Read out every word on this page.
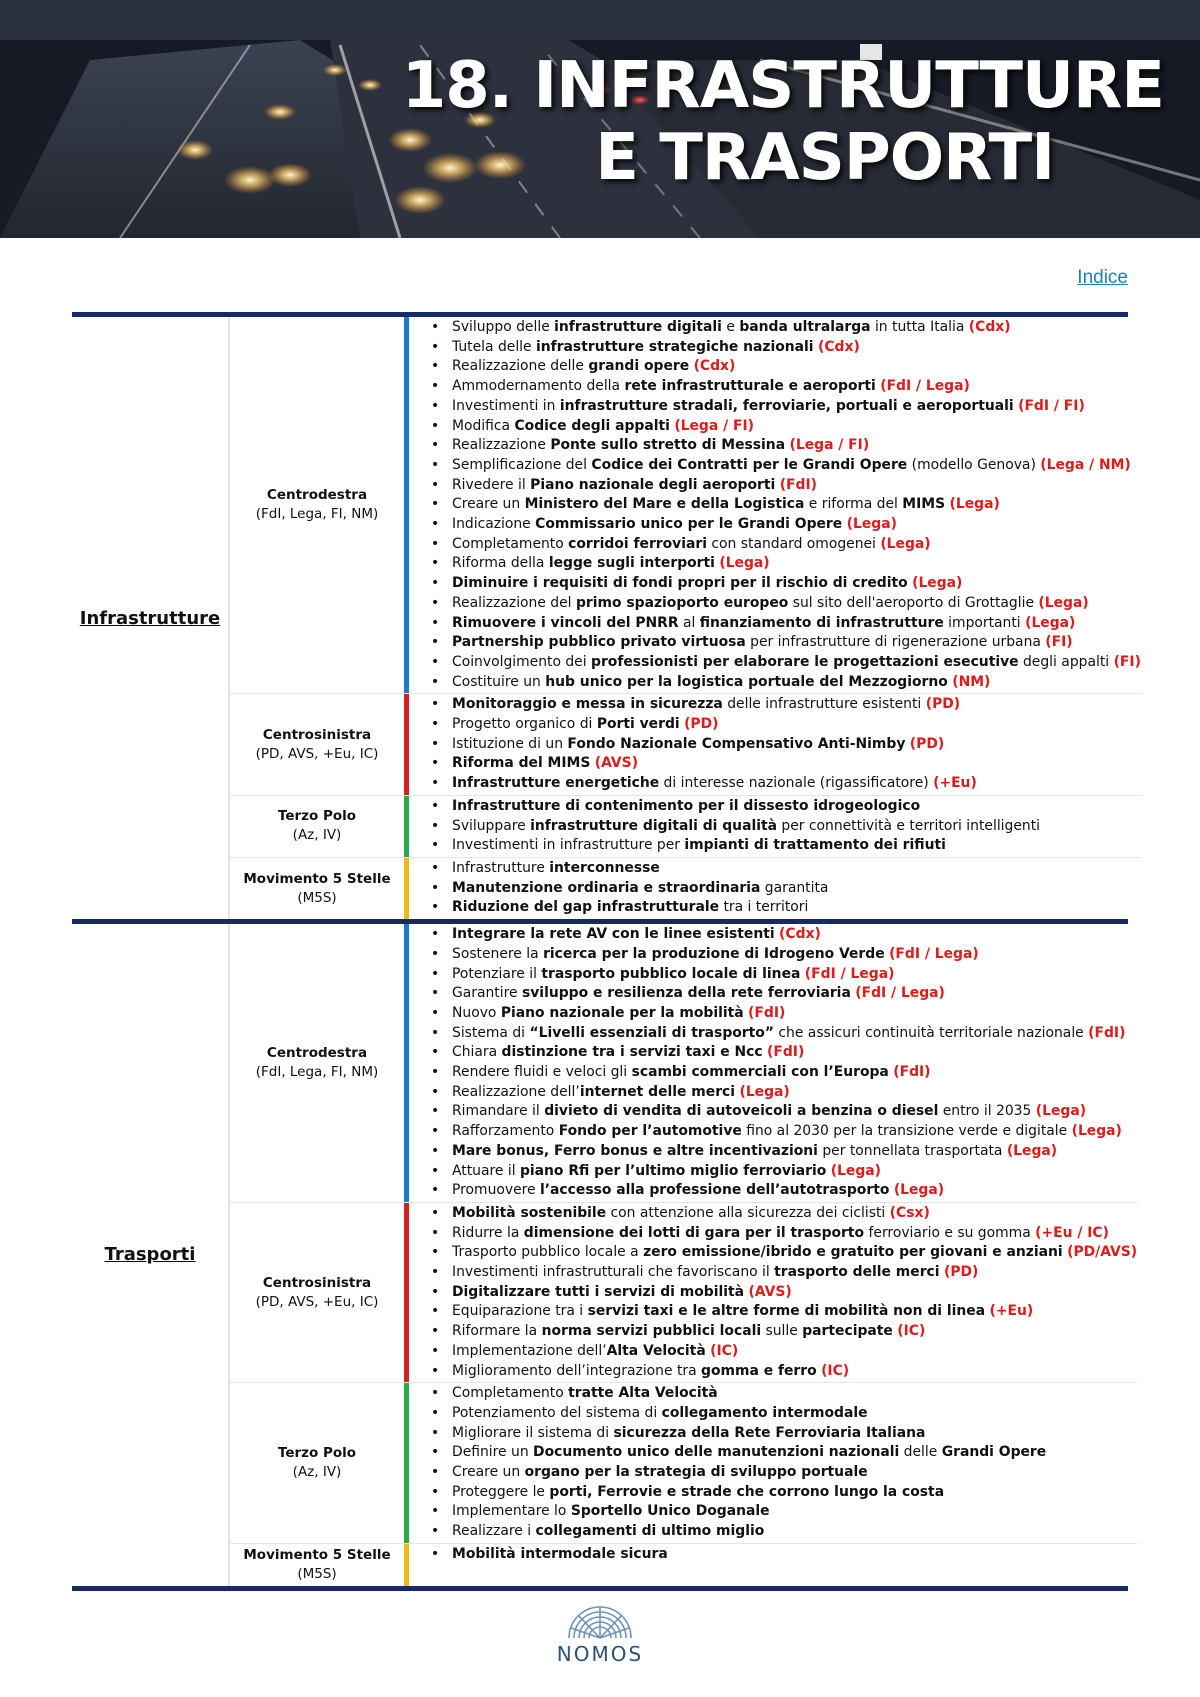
18. INFRASTRUTTURE
E TRASPORTI
Indice
Infrastrutture
Centrodestra
(FdI, Lega, FI, NM)
• Sviluppo delle infrastrutture digitali e banda ultralarga in tutta Italia (Cdx)
• Tutela delle infrastrutture strategiche nazionali (Cdx)
• Realizzazione delle grandi opere (Cdx)
• Ammodernamento della rete infrastrutturale e aeroporti (FdI / Lega)
• Investimenti in infrastrutture stradali, ferroviarie, portuali e aeroportuali (FdI / FI)
• Modifica Codice degli appalti (Lega / FI)
• Realizzazione Ponte sullo stretto di Messina (Lega / FI)
• Semplificazione del Codice dei Contratti per le Grandi Opere (modello Genova) (Lega / NM)
• Rivedere il Piano nazionale degli aeroporti (FdI)
• Creare un Ministero del Mare e della Logistica e riforma del MIMS (Lega)
• Indicazione Commissario unico per le Grandi Opere (Lega)
• Completamento corridoi ferroviari con standard omogenei (Lega)
• Riforma della legge sugli interporti (Lega)
• Diminuire i requisiti di fondi propri per il rischio di credito (Lega)
• Realizzazione del primo spazioporto europeo sul sito dell'aeroporto di Grottaglie (Lega)
• Rimuovere i vincoli del PNRR al finanziamento di infrastrutture importanti (Lega)
• Partnership pubblico privato virtuosa per infrastrutture di rigenerazione urbana (FI)
• Coinvolgimento dei professionisti per elaborare le progettazioni esecutive degli appalti (FI)
• Costituire un hub unico per la logistica portuale del Mezzogiorno (NM)
Centrosinistra
(PD, AVS, +Eu, IC)
• Monitoraggio e messa in sicurezza delle infrastrutture esistenti (PD)
• Progetto organico di Porti verdi (PD)
• Istituzione di un Fondo Nazionale Compensativo Anti-Nimby (PD)
• Riforma del MIMS (AVS)
• Infrastrutture energetiche di interesse nazionale (rigassificatore) (+Eu)
Terzo Polo
(Az, IV)
• Infrastrutture di contenimento per il dissesto idrogeologico
• Sviluppare infrastrutture digitali di qualità per connettività e territori intelligenti
• Investimenti in infrastrutture per impianti di trattamento dei rifiuti
Movimento 5 Stelle
(M5S)
• Infrastrutture interconnesse
• Manutenzione ordinaria e straordinaria garantita
• Riduzione del gap infrastrutturale tra i territori
Trasporti
Centrodestra
(FdI, Lega, FI, NM)
• Integrare la rete AV con le linee esistenti (Cdx)
• Sostenere la ricerca per la produzione di Idrogeno Verde (FdI / Lega)
• Potenziare il trasporto pubblico locale di linea (FdI / Lega)
• Garantire sviluppo e resilienza della rete ferroviaria (FdI / Lega)
• Nuovo Piano nazionale per la mobilità (FdI)
• Sistema di “Livelli essenziali di trasporto” che assicuri continuità territoriale nazionale (FdI)
• Chiara distinzione tra i servizi taxi e Ncc (FdI)
• Rendere fluidi e veloci gli scambi commerciali con l’Europa (FdI)
• Realizzazione dell’internet delle merci (Lega)
• Rimandare il divieto di vendita di autoveicoli a benzina o diesel entro il 2035 (Lega)
• Rafforzamento Fondo per l’automotive fino al 2030 per la transizione verde e digitale (Lega)
• Mare bonus, Ferro bonus e altre incentivazioni per tonnellata trasportata (Lega)
• Attuare il piano Rfi per l’ultimo miglio ferroviario (Lega)
• Promuovere l’accesso alla professione dell’autotrasporto (Lega)
Centrosinistra
(PD, AVS, +Eu, IC)
• Mobilità sostenibile con attenzione alla sicurezza dei ciclisti (Csx)
• Ridurre la dimensione dei lotti di gara per il trasporto ferroviario e su gomma (+Eu / IC)
• Trasporto pubblico locale a zero emissione/ibrido e gratuito per giovani e anziani (PD/AVS)
• Investimenti infrastrutturali che favoriscano il trasporto delle merci (PD)
• Digitalizzare tutti i servizi di mobilità (AVS)
• Equiparazione tra i servizi taxi e le altre forme di mobilità non di linea (+Eu)
• Riformare la norma servizi pubblici locali sulle partecipate (IC)
• Implementazione dell’Alta Velocità (IC)
• Miglioramento dell’integrazione tra gomma e ferro (IC)
Terzo Polo
(Az, IV)
• Completamento tratte Alta Velocità
• Potenziamento del sistema di collegamento intermodale
• Migliorare il sistema di sicurezza della Rete Ferroviaria Italiana
• Definire un Documento unico delle manutenzioni nazionali delle Grandi Opere
• Creare un organo per la strategia di sviluppo portuale
• Proteggere le porti, Ferrovie e strade che corrono lungo la costa
• Implementare lo Sportello Unico Doganale
• Realizzare i collegamenti di ultimo miglio
Movimento 5 Stelle
(M5S)
• Mobilità intermodale sicura
NOMOS
